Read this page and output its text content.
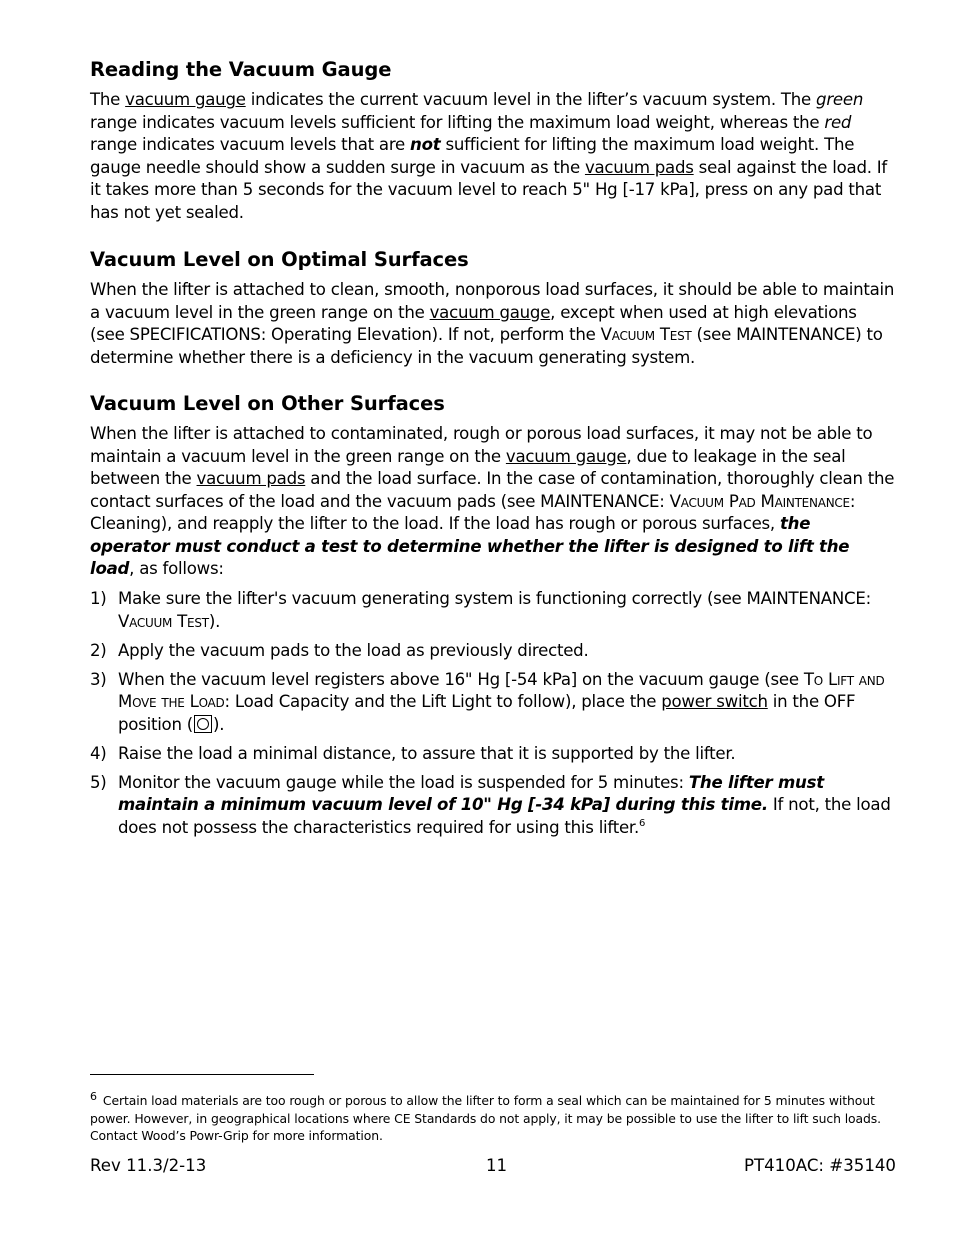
Reading the Vacuum Gauge

The vacuum gauge indicates the current vacuum level in the lifter’s vacuum system. The green range indicates vacuum levels sufficient for lifting the maximum load weight, whereas the red range indicates vacuum levels that are not sufficient for lifting the maximum load weight. The gauge needle should show a sudden surge in vacuum as the vacuum pads seal against the load. If it takes more than 5 seconds for the vacuum level to reach 5" Hg [-17 kPa], press on any pad that has not yet sealed.

Vacuum Level on Optimal Surfaces

When the lifter is attached to clean, smooth, nonporous load surfaces, it should be able to maintain a vacuum level in the green range on the vacuum gauge, except when used at high elevations (see SPECIFICATIONS: Operating Elevation). If not, perform the Vacuum Test (see MAINTENANCE) to determine whether there is a deficiency in the vacuum generating system.

Vacuum Level on Other Surfaces

When the lifter is attached to contaminated, rough or porous load surfaces, it may not be able to maintain a vacuum level in the green range on the vacuum gauge, due to leakage in the seal between the vacuum pads and the load surface. In the case of contamination, thoroughly clean the contact surfaces of the load and the vacuum pads (see MAINTENANCE: Vacuum Pad Maintenance: Cleaning), and reapply the lifter to the load. If the load has rough or porous surfaces, the operator must conduct a test to determine whether the lifter is designed to lift the load, as follows:

1) Make sure the lifter's vacuum generating system is functioning correctly (see MAINTENANCE: Vacuum Test).
2) Apply the vacuum pads to the load as previously directed.
3) When the vacuum level registers above 16" Hg [-54 kPa] on the vacuum gauge (see To Lift and Move the Load: Load Capacity and the Lift Light to follow), place the power switch in the OFF position ( ).
4) Raise the load a minimal distance, to assure that it is supported by the lifter.
5) Monitor the vacuum gauge while the load is suspended for 5 minutes: The lifter must maintain a minimum vacuum level of 10" Hg [-34 kPa] during this time. If not, the load does not possess the characteristics required for using this lifter.$^6$

6 Certain load materials are too rough or porous to allow the lifter to form a seal which can be maintained for 5 minutes without power. However, in geographical locations where CE Standards do not apply, it may be possible to use the lifter to lift such loads. Contact Wood’s Powr-Grip for more information.

Rev 11.3/2-13	11	PT410AC: #35140
